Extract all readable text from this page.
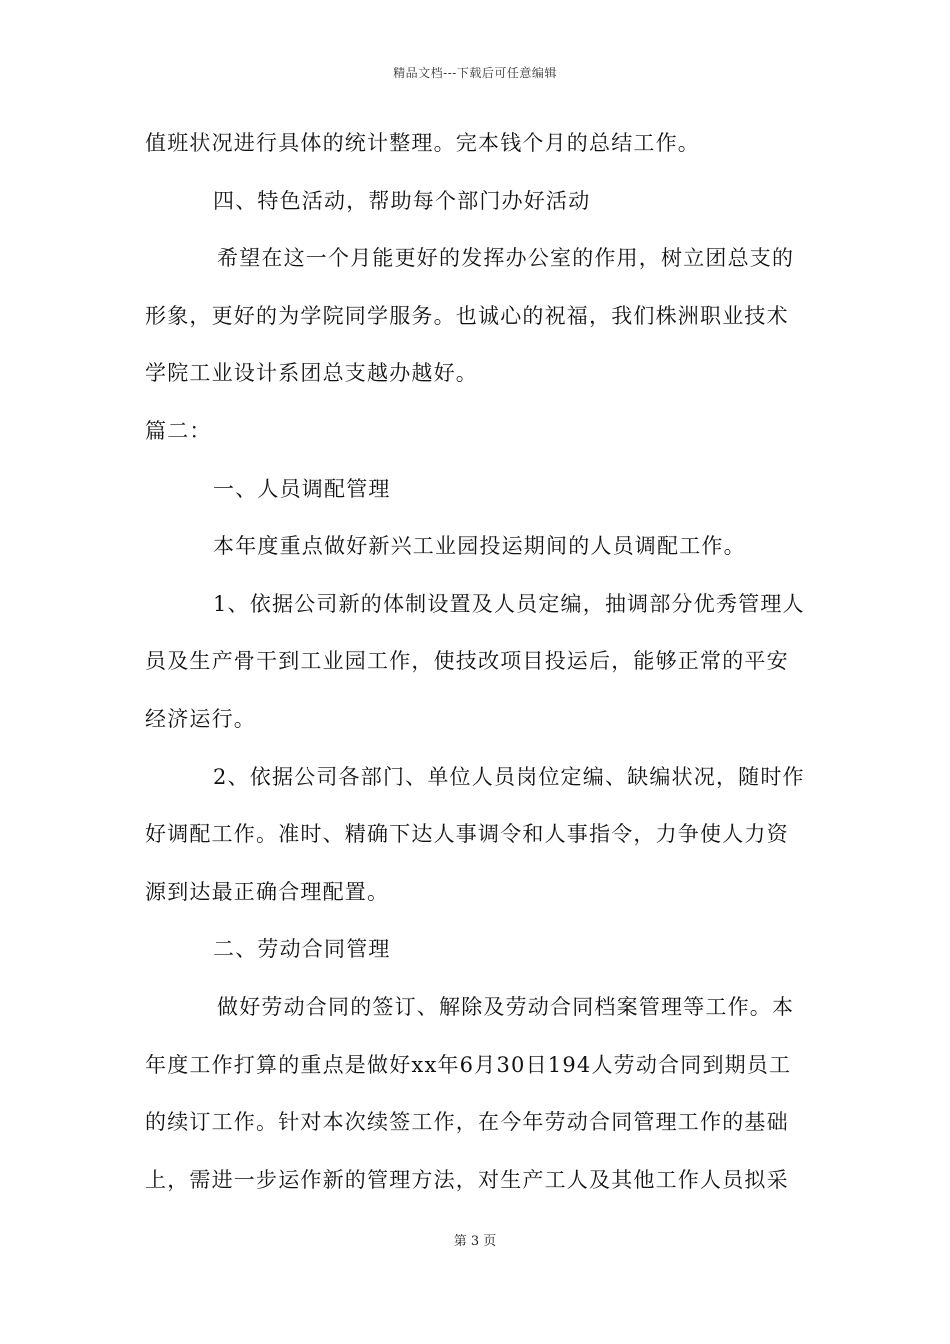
精品文档---下载后可任意编辑
值班状况进行具体的统计整理。完本钱个月的总结工作。
四、特色活动，帮助每个部门办好活动
希望在这一个月能更好的发挥办公室的作用，树立团总支的
形象，更好的为学院同学服务。也诚心的祝福，我们株洲职业技术
学院工业设计系团总支越办越好。
篇二：
一、人员调配管理
本年度重点做好新兴工业园投运期间的人员调配工作。
1、依据公司新的体制设置及人员定编，抽调部分优秀管理人
员及生产骨干到工业园工作，使技改项目投运后，能够正常的平安
经济运行。
2、依据公司各部门、单位人员岗位定编、缺编状况，随时作
好调配工作。准时、精确下达人事调令和人事指令，力争使人力资
源到达最正确合理配置。
二、劳动合同管理
做好劳动合同的签订、解除及劳动合同档案管理等工作。本
年度工作打算的重点是做好xx年6月30日194人劳动合同到期员工
的续订工作。针对本次续签工作，在今年劳动合同管理工作的基础
上，需进一步运作新的管理方法，对生产工人及其他工作人员拟采
第 3 页
